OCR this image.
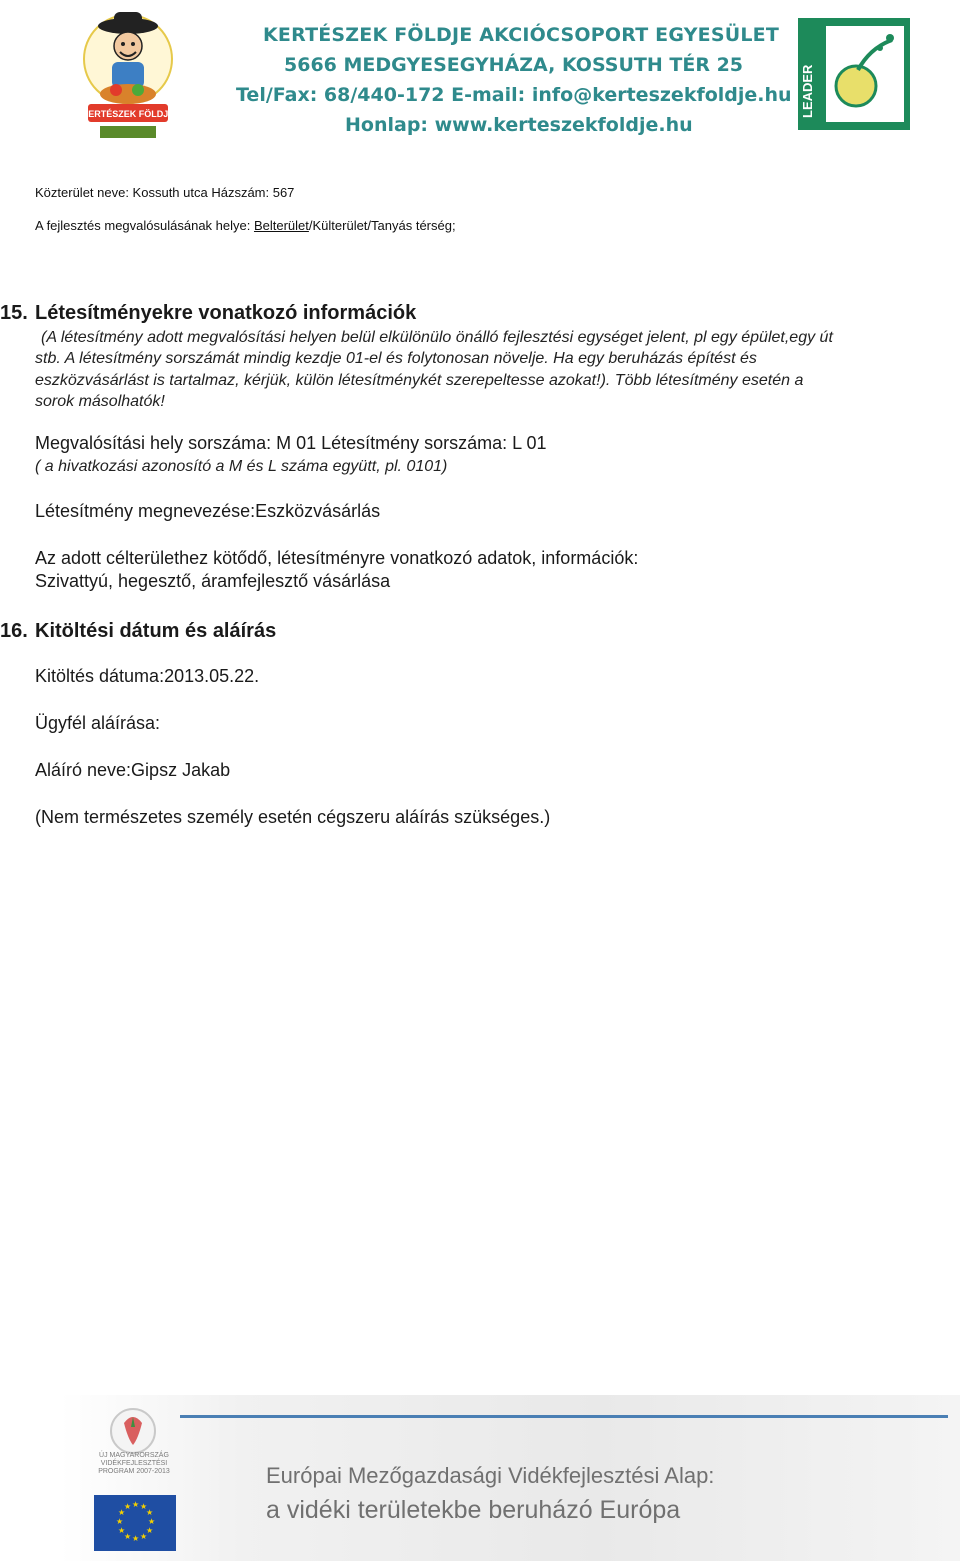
KERTÉSZEK FÖLDJE
KERTÉSZEK FÖLDJE AKCIÓCSOPORT EGYESÜLET
5666 MEDGYESEGYHÁZA, KOSSUTH TÉR 25
Tel/Fax: 68/440-172 E-mail: info@kerteszekfoldje.hu
Honlap: www.kerteszekfoldje.hu
LEADER
Közterület neve: Kossuth utca Házszám: 567
A fejlesztés megvalósulásának helye: Belterület/Külterület/Tanyás térség;
15. Létesítményekre vonatkozó információk
(A létesítmény adott megvalósítási helyen belül elkülönülo önálló fejlesztési egységet jelent, pl egy épület,egy út
stb. A létesítmény sorszámát mindig kezdje 01-el és folytonosan növelje. Ha egy beruházás építést és
eszközvásárlást is tartalmaz, kérjük, külön létesítménykét szerepeltesse azokat!). Több létesítmény esetén a
sorok másolhatók!
Megvalósítási hely sorszáma: M 01 Létesítmény sorszáma: L 01
( a hivatkozási azonosító a M és L száma együtt, pl. 0101)
Létesítmény megnevezése:Eszközvásárlás
Az adott célterülethez kötődő, létesítményre vonatkozó adatok, információk:
Szivattyú, hegesztő, áramfejlesztő vásárlása
16. Kitöltési dátum és aláírás
Kitöltés dátuma:2013.05.22.
Ügyfél aláírása:
Aláíró neve:Gipsz Jakab
(Nem természetes személy esetén cégszeru aláírás szükséges.)
ÚJ MAGYARORSZÁG VIDÉKFEJLESZTÉSI PROGRAM 2007-2013
★ ★
★
★
★
★
★
★
★
★
★
★
Európai Mezőgazdasági Vidékfejlesztési Alap:
a vidéki területekbe beruházó Európa
